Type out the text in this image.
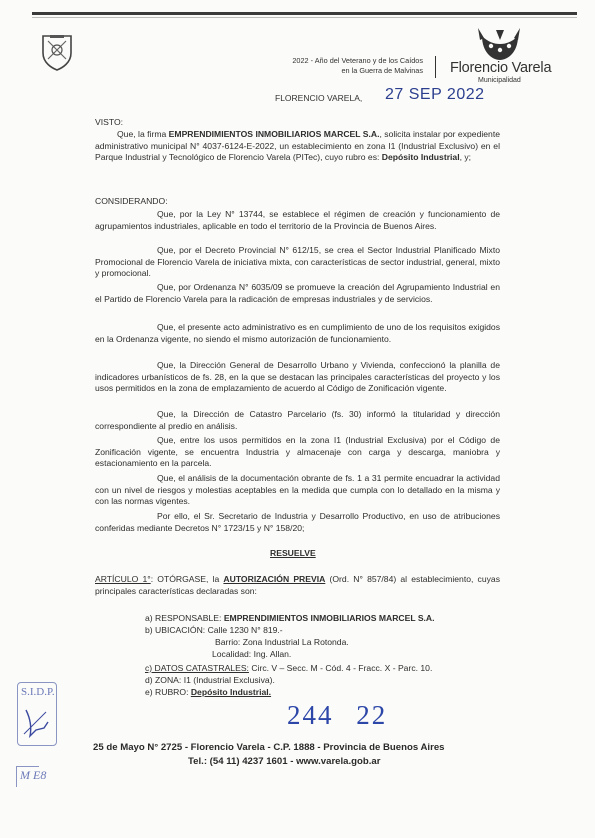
2022 - Año del Veterano y de los Caídos
en la Guerra de Malvinas Florencio Varela
Municipalidad
FLORENCIO VARELA, 27 SEP 2022
VISTO:
Que, la firma EMPRENDIMIENTOS INMOBILIARIOS MARCEL S.A., solicita instalar por expediente administrativo municipal N° 4037-6124-E-2022, un establecimiento en zona I1 (Industrial Exclusivo) en el Parque Industrial y Tecnológico de Florencio Varela (PITec), cuyo rubro es: Depósito Industrial, y;
CONSIDERANDO:
Que, por la Ley N° 13744, se establece el régimen de creación y funcionamiento de agrupamientos industriales, aplicable en todo el territorio de la Provincia de Buenos Aires.
Que, por el Decreto Provincial N° 612/15, se crea el Sector Industrial Planificado Mixto Promocional de Florencio Varela de iniciativa mixta, con características de sector industrial, general, mixto y promocional.
Que, por Ordenanza N° 6035/09 se promueve la creación del Agrupamiento Industrial en el Partido de Florencio Varela para la radicación de empresas industriales y de servicios.
Que, el presente acto administrativo es en cumplimiento de uno de los requisitos exigidos en la Ordenanza vigente, no siendo el mismo autorización de funcionamiento.
Que, la Dirección General de Desarrollo Urbano y Vivienda, confeccionó la planilla de indicadores urbanísticos de fs. 28, en la que se destacan las principales características del proyecto y los usos permitidos en la zona de emplazamiento de acuerdo al Código de Zonificación vigente.
Que, la Dirección de Catastro Parcelario (fs. 30) informó la titularidad y dirección correspondiente al predio en análisis.
Que, entre los usos permitidos en la zona I1 (Industrial Exclusiva) por el Código de Zonificación vigente, se encuentra Industria y almacenaje con carga y descarga, maniobra y estacionamiento en la parcela.
Que, el análisis de la documentación obrante de fs. 1 a 31 permite encuadrar la actividad con un nivel de riesgos y molestias aceptables en la medida que cumpla con lo detallado en la misma y con las normas vigentes.
Por ello, el Sr. Secretario de Industria y Desarrollo Productivo, en uso de atribuciones conferidas mediante Decretos N° 1723/15 y N° 158/20;
RESUELVE
ARTÍCULO 1°: OTÓRGASE, la AUTORIZACIÓN PREVIA (Ord. N° 857/84) al establecimiento, cuyas principales características declaradas son:
a) RESPONSABLE: EMPRENDIMIENTOS INMOBILIARIOS MARCEL S.A.
b) UBICACIÓN: Calle 1230 N° 819.-
Barrio: Zona Industrial La Rotonda.
Localidad: Ing. Allan.
c) DATOS CATASTRALES: Circ. V – Secc. M - Cód. 4 - Fracc. X - Parc. 10.
d) ZONA: I1 (Industrial Exclusiva).
e) RUBRO: Depósito Industrial.
S.I.D.P.
M E8
244 22
25 de Mayo N° 2725 - Florencio Varela - C.P. 1888 - Provincia de Buenos Aires
Tel.: (54 11) 4237 1601 - www.varela.gob.ar
